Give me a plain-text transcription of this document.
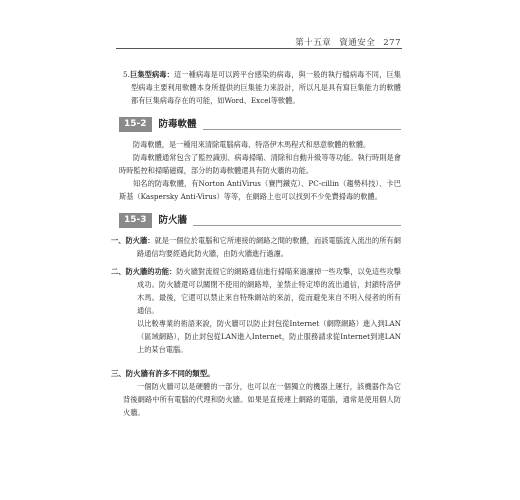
第十五章 資通安全 277

5.巨集型病毒：這一種病毒是可以跨平台感染的病毒，與一般的執行檔病毒不同，巨集型病毒主要利用軟體本身所提供的巨集能力來設計，所以凡是具有寫巨集能力的軟體都有巨集病毒存在的可能，如Word、Excel等軟體。

15-2	防毒軟體

防毒軟體，是一種用來清除電腦病毒、特洛伊木馬程式和惡意軟體的軟體。

防毒軟體通常包含了監控識別、病毒掃瞄、清除和自動升級等等功能。執行時則是會時時監控和掃瞄磁碟，部分的防毒軟體還具有防火牆的功能。

知名的防毒軟體，有Norton AntiVirus（賽門鐵克）、PC-cillin（趨勢科技）、卡巴斯基（Kaspersky Anti-Virus）等等，在網路上也可以找到不少免費掃毒的軟體。

15-3	防火牆

一、防火牆：就是一個位於電腦和它所連接的網路之間的軟體，而該電腦流入流出的所有網路通信均要經過此防火牆，由防火牆進行過濾。

二、防火牆的功能：防火牆對流經它的網路通信進行掃瞄來過濾掉一些攻擊，以免這些攻擊成功。防火牆還可以關閉不使用的網路埠，並禁止特定埠的流出通信，封鎖特洛伊木馬。最後，它還可以禁止來自特殊網站的來訪，從而避免來自不明入侵者的所有通信。

以比較專業的術語來說，防火牆可以防止封包從Internet（網際網路）進入到LAN（區域網路），防止封包從LAN進入Internet，防止服務請求從Internet到達LAN上的某台電腦。

三、防火牆有許多不同的類型。

一個防火牆可以是硬體的一部分，也可以在一個獨立的機器上運行，該機器作為它背後網路中所有電腦的代理和防火牆。如果是直接連上網路的電腦，通常是使用個人防火牆。
